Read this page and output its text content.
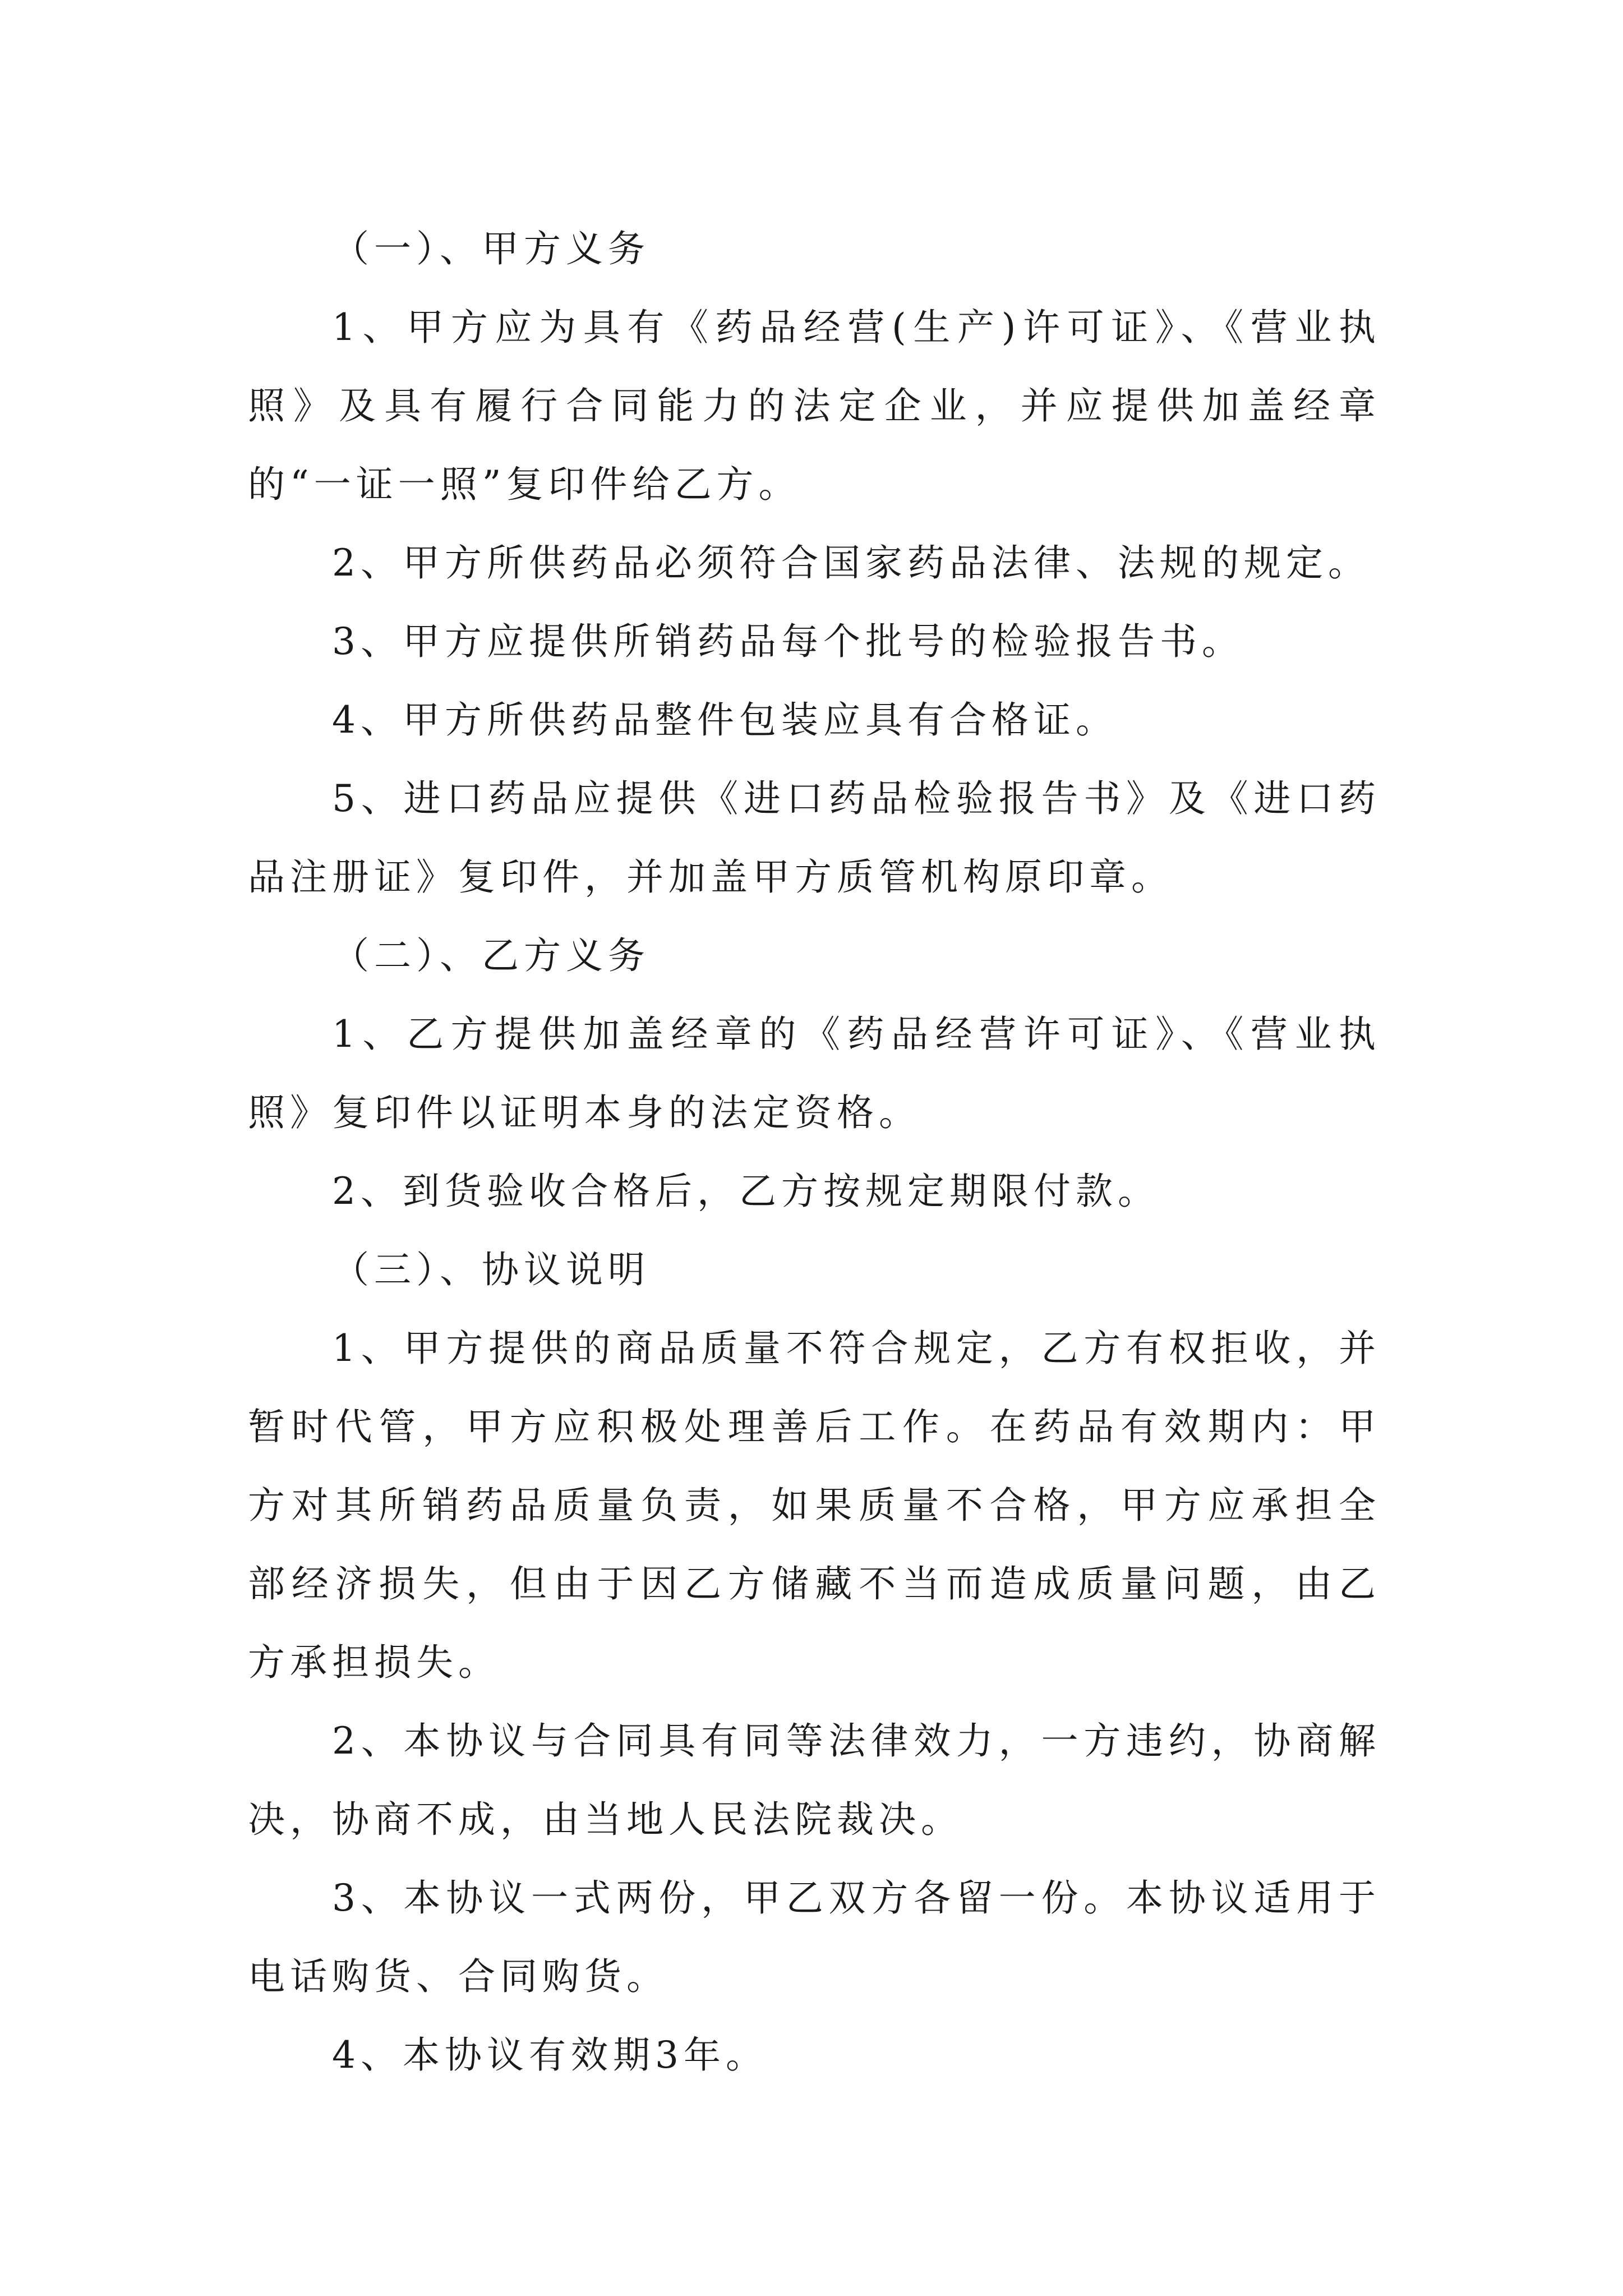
（一）、甲方义务

1、甲方应为具有《药品经营(生产)许可证》、《营业执照》及具有履行合同能力的法定企业，并应提供加盖经章的“一证一照”复印件给乙方。

2、甲方所供药品必须符合国家药品法律、法规的规定。

3、甲方应提供所销药品每个批号的检验报告书。

4、甲方所供药品整件包装应具有合格证。

5、进口药品应提供《进口药品检验报告书》及《进口药品注册证》复印件，并加盖甲方质管机构原印章。

（二）、乙方义务

1、乙方提供加盖经章的《药品经营许可证》、《营业执照》复印件以证明本身的法定资格。

2、到货验收合格后，乙方按规定期限付款。

（三）、协议说明

1、甲方提供的商品质量不符合规定，乙方有权拒收，并暂时代管，甲方应积极处理善后工作。在药品有效期内：甲方对其所销药品质量负责，如果质量不合格，甲方应承担全部经济损失，但由于因乙方储藏不当而造成质量问题，由乙方承担损失。

2、本协议与合同具有同等法律效力，一方违约，协商解决，协商不成，由当地人民法院裁决。

3、本协议一式两份，甲乙双方各留一份。本协议适用于电话购货、合同购货。

4、本协议有效期3年。
